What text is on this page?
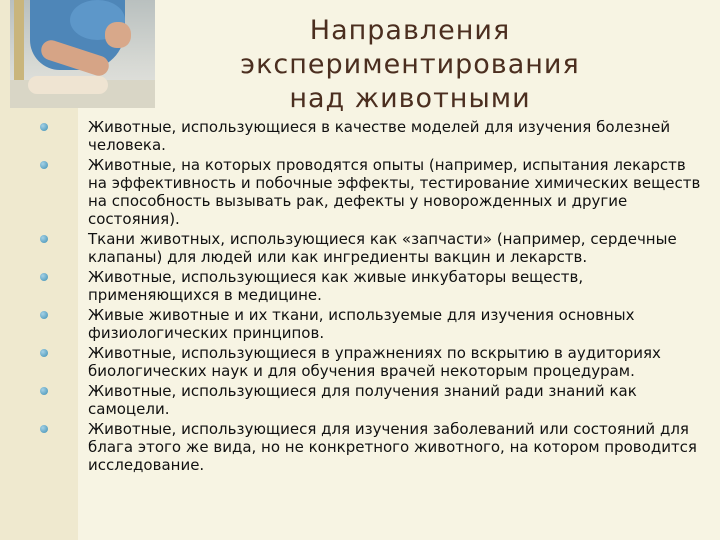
Направления
экспериментирования
над животными
Животные, использующиеся в качестве моделей для изучения болезней человека.
Животные, на которых проводятся опыты (например, испытания лекарств на эффективность и побочные эффекты, тестирование химических веществ на способность вызывать рак, дефекты у новорожденных и другие состояния).
Ткани животных, использующиеся как «запчасти» (например, сердечные клапаны) для людей или как ингредиенты вакцин и лекарств.
Животные, использующиеся как живые инкубаторы веществ, применяющихся в медицине.
Живые животные и их ткани, используемые для изучения основных физиологических принципов.
Животные, использующиеся в упражнениях по вскрытию в аудиториях биологических наук и для обучения врачей некоторым процедурам.
Животные, использующиеся для получения знаний ради знаний как самоцели.
Животные, использующиеся для изучения заболеваний или состояний для блага этого же вида, но не конкретного животного, на котором проводится исследование.
